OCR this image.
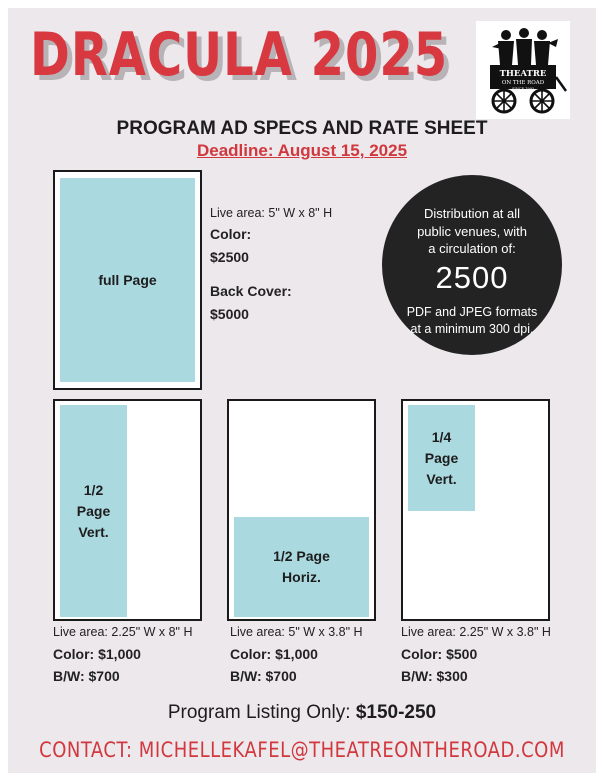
DRACULA 2025	THEATRE
ON THE ROAD
SINCE 1993
PROGRAM AD SPECS AND RATE SHEET
Deadline: August 15, 2025
full Page
Live area: 5" W x 8" H
Color:
$2500
Back Cover:
$5000
Distribution at all
public venues, with
a circulation of:
2500
PDF and JPEG formats
at a minimum 300 dpi.
1/2
Page
Vert.
Live area: 2.25" W x 8" H
Color: $1,000
B/W: $700
1/2 Page
Horiz.
Live area: 5" W x 3.8" H
Color: $1,000
B/W: $700
1/4
Page
Vert.
Live area: 2.25" W x 3.8" H
Color: $500
B/W: $300
Program Listing Only: $150-250
CONTACT: MICHELLEKAFEL@THEATREONTHEROAD.COM
